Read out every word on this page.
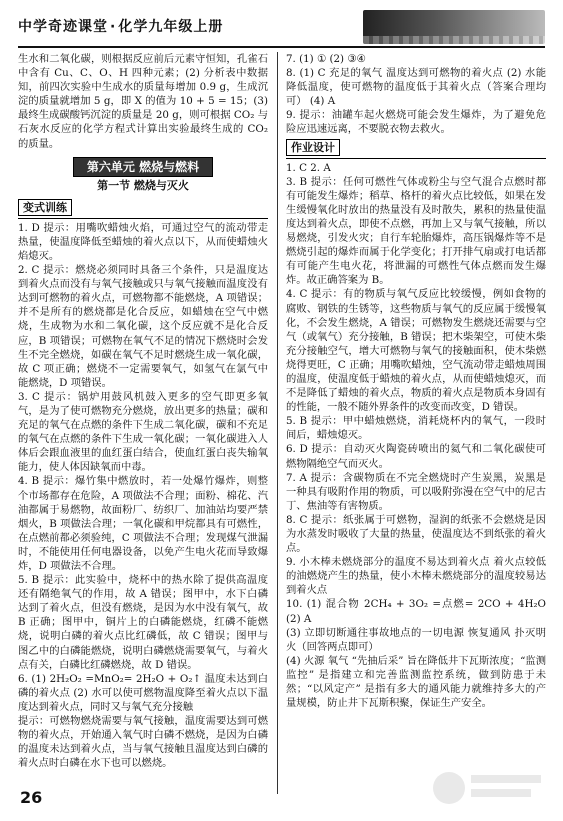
中学奇迹课堂 · 化学九年级上册

生水和二氧化碳，则根据反应前后元素守恒知，孔雀石中含有 Cu、C、O、H 四种元素；(2) 分析表中数据知，前四次实验中生成水的质量每增加 0.9 g，生成沉淀的质量就增加 5 g，即 X 的值为 10 + 5 = 15；(3) 最终生成碳酸钙沉淀的质量是 20 g，则可根据 CO₂ 与石灰水反应的化学方程式计算出实验最终生成的 CO₂ 的质量。

第六单元 燃烧与燃料
第一节 燃烧与灭火
变式训练

1. D 提示：用嘴吹蜡烛火焰，可通过空气的流动带走热量，使温度降低至蜡烛的着火点以下，从而使蜡烛火焰熄灭。

2. C 提示：燃烧必须同时具备三个条件，只是温度达到着火点而没有与氧气接触或只与氧气接触而温度没有达到可燃物的着火点，可燃物都不能燃烧，A 项错误；并不是所有的燃烧都是化合反应，如蜡烛在空气中燃烧，生成物为水和二氧化碳，这个反应就不是化合反应，B 项错误；可燃物在氧气不足的情况下燃烧时会发生不完全燃烧，如碳在氧气不足时燃烧生成一氧化碳，故 C 项正确；燃烧不一定需要氧气，如氢气在氯气中能燃烧，D 项错误。

3. C 提示：锅炉用鼓风机鼓入更多的空气即更多氧气，是为了使可燃物充分燃烧，放出更多的热量；碳和充足的氧气在点燃的条件下生成二氧化碳，碳和不充足的氧气在点燃的条件下生成一氧化碳；一氧化碳进入人体后会跟血液里的血红蛋白结合，使血红蛋白丧失输氧能力，使人体因缺氧而中毒。

4. B 提示：爆竹集中燃放时，若一处爆竹爆炸，则整个市场都存在危险，A 项做法不合理；面粉、棉花、汽油都属于易燃物，故面粉厂、纺织厂、加油站均要严禁烟火，B 项做法合理；一氧化碳和甲烷都具有可燃性，在点燃前都必须验纯，C 项做法不合理；发现煤气泄漏时，不能使用任何电器设备，以免产生电火花而导致爆炸，D 项做法不合理。

5. B 提示：此实验中，烧杯中的热水除了提供高温度还有隔绝氧气的作用，故 A 错误；图甲中，水下白磷达到了着火点，但没有燃烧，是因为水中没有氧气，故 B 正确；图甲中，铜片上的白磷能燃烧，红磷不能燃烧，说明白磷的着火点比红磷低，故 C 错误；图甲与图乙中的白磷能燃烧，说明白磷燃烧需要氧气，与着火点有关，白磷比红磷燃烧，故 D 错误。

6. (1) 2H₂O₂ =MnO₂= 2H₂O + O₂↑ 温度未达到白磷的着火点 (2) 水可以使可燃物温度降至着火点以下温度达到着火点，同时又与氧气充分接触

提示：可燃物燃烧需要与氧气接触，温度需要达到可燃物的着火点，开始通入氧气时白磷不燃烧，是因为白磷的温度未达到着火点，当与氧气接触且温度达到白磷的着火点时白磷在水下也可以燃烧。

7. (1) ① (2) ③④

8. (1) C 充足的氧气 温度达到可燃物的着火点 (2) 水能降低温度，使可燃物的温度低于其着火点（答案合理均可） (4) A

9. 提示：油罐车起火燃烧可能会发生爆炸，为了避免危险应迅速远离，不要脱衣物去救火。

作业设计

1. C 2. A

3. B 提示：任何可燃性气体或粉尘与空气混合点燃时都有可能发生爆炸；稻草、格杆的着火点比较低，如果在发生缓慢氧化时放出的热量没有及时散失，累积的热量使温度达到着火点，即使不点燃，再加上又与氧气接触，所以易燃烧，引发火灾；自行车轮胎爆炸，高压锅爆炸等不是燃烧引起的爆炸而属于化学变化；打开排气扇或打电话都有可能产生电火花，将泄漏的可燃性气体点燃而发生爆炸。故正确答案为 B。

4. C 提示：有的物质与氧气反应比较缓慢，例如食物的腐败、钢铁的生锈等，这些物质与氧气的反应属于缓慢氧化，不会发生燃烧，A 错误；可燃物发生燃烧还需要与空气（或氧气）充分接触，B 错误；把木柴架空，可使木柴充分接触空气，增大可燃物与氧气的接触面积，使木柴燃烧得更旺，C 正确；用嘴吹蜡烛，空气流动带走蜡烛周围的温度，使温度低于蜡烛的着火点，从而使蜡烛熄灭，而不是降低了蜡烛的着火点，物质的着火点是物质本身固有的性能，一般不随外界条件的改变而改变，D 错误。

5. B 提示：甲中蜡烛燃烧，消耗烧杯内的氧气，一段时间后，蜡烛熄灭。

6. D 提示：自动灭火陶瓷砖喷出的氦气和二氧化碳使可燃物隔绝空气而灭火。

7. A 提示：含碳物质在不完全燃烧时产生炭黑，炭黑是一种具有吸附作用的物质，可以吸附弥漫在空气中的尼古丁、焦油等有害物质。

8. C 提示：纸张属于可燃物，湿润的纸张不会燃烧是因为水蒸发时吸收了大量的热量，使温度达不到纸张的着火点。

9. 小木棒未燃烧部分的温度不易达到着火点 着火点较低的油燃烧产生的热量，使小木棒未燃烧部分的温度较易达到着火点

10. (1) 混合物 2CH₄ + 3O₂ =点燃= 2CO + 4H₂O (2) A

(3) 立即切断通往事故地点的一切电源 恢复通风 扑灭明火（回答两点即可）

(4) 火源 氧气 “先抽后采” 旨在降低井下瓦斯浓度；“监测监控” 是指建立和完善监测监控系统，做到防患于未然；“以风定产” 是指有多大的通风能力就维持多大的产量规模，防止井下瓦斯积聚，保证生产安全。

26
